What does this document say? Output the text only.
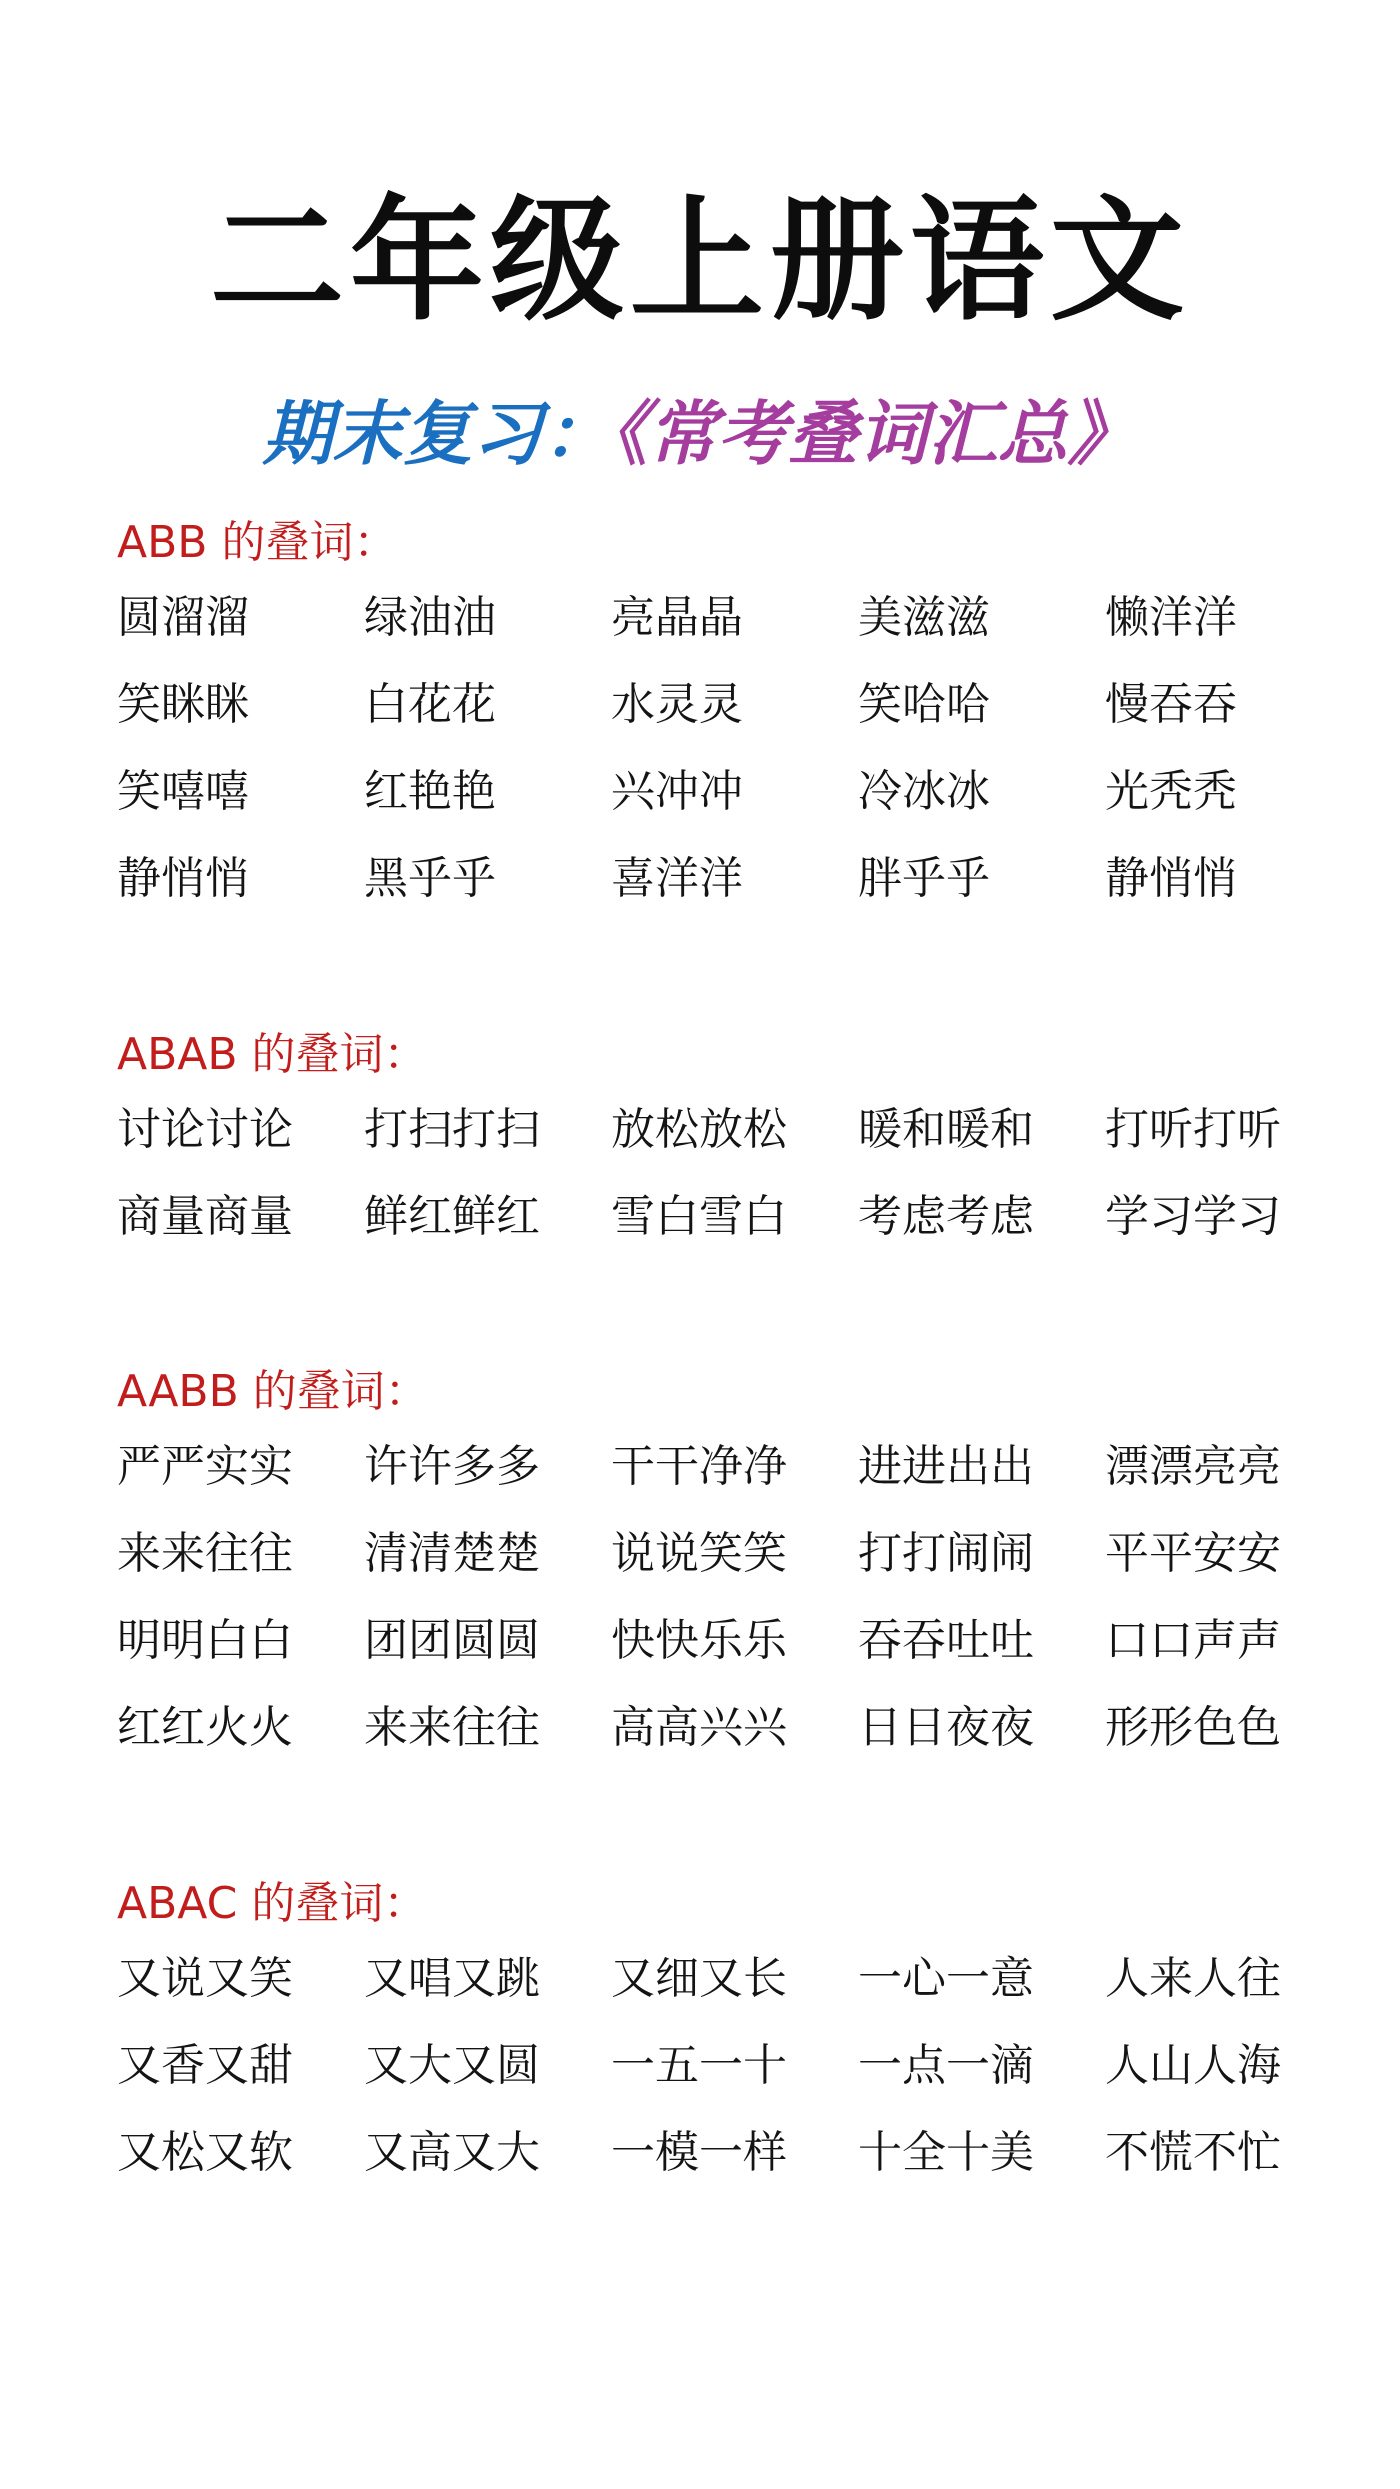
二年级上册语文
期末复习：《常考叠词汇总》
ABB 的叠词：
圆溜溜	绿油油	亮晶晶	美滋滋	懒洋洋
笑眯眯	白花花	水灵灵	笑哈哈	慢吞吞
笑嘻嘻	红艳艳	兴冲冲	冷冰冰	光秃秃
静悄悄	黑乎乎	喜洋洋	胖乎乎	静悄悄
ABAB 的叠词：
讨论讨论	打扫打扫	放松放松	暖和暖和	打听打听
商量商量	鲜红鲜红	雪白雪白	考虑考虑	学习学习
AABB 的叠词：
严严实实	许许多多	干干净净	进进出出	漂漂亮亮
来来往往	清清楚楚	说说笑笑	打打闹闹	平平安安
明明白白	团团圆圆	快快乐乐	吞吞吐吐	口口声声
红红火火	来来往往	高高兴兴	日日夜夜	形形色色
ABAC 的叠词：
又说又笑	又唱又跳	又细又长	一心一意	人来人往
又香又甜	又大又圆	一五一十	一点一滴	人山人海
又松又软	又高又大	一模一样	十全十美	不慌不忙
